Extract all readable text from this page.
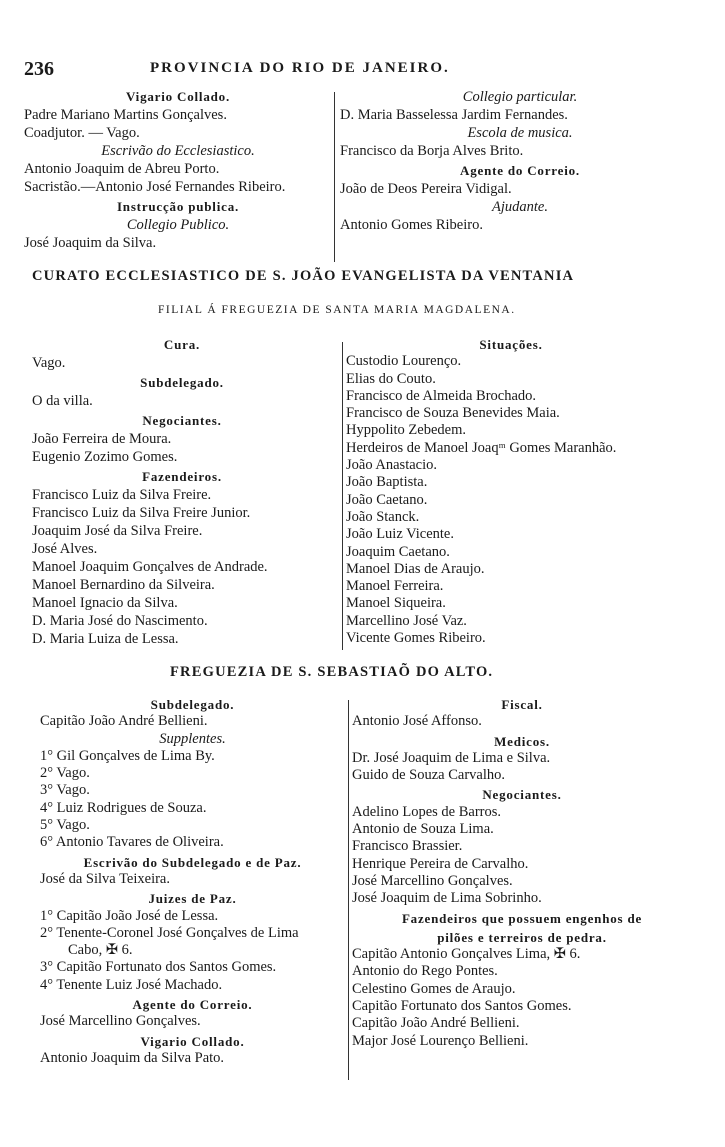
236	PROVINCIA DO RIO DE JANEIRO.
Vigario Collado.
Padre Mariano Martins Gonçalves.
Coadjutor. — Vago.
Escrivão do Ecclesiastico.
Antonio Joaquim de Abreu Porto.
Sacristão.—Antonio José Fernandes Ribeiro.
Instrucção publica.
Collegio Publico.
José Joaquim da Silva.
Collegio particular.
D. Maria Basselessa Jardim Fernandes.
Escola de musica.
Francisco da Borja Alves Brito.
Agente do Correio.
João de Deos Pereira Vidigal.
Ajudante.
Antonio Gomes Ribeiro.
CURATO ECCLESIASTICO DE S. JOÃO EVANGELISTA DA VENTANIA
FILIAL Á FREGUEZIA DE SANTA MARIA MAGDALENA.
Cura.
Vago.
Subdelegado.
O da villa.
Negociantes.
João Ferreira de Moura.
Eugenio Zozimo Gomes.
Fazendeiros.
Francisco Luiz da Silva Freire.
Francisco Luiz da Silva Freire Junior.
Joaquim José da Silva Freire.
José Alves.
Manoel Joaquim Gonçalves de Andrade.
Manoel Bernardino da Silveira.
Manoel Ignacio da Silva.
D. Maria José do Nascimento.
D. Maria Luiza de Lessa.
Situações.
Custodio Lourenço.
Elias do Couto.
Francisco de Almeida Brochado.
Francisco de Souza Benevides Maia.
Hyppolito Zebedem.
Herdeiros de Manoel Joaqᵐ Gomes Maranhão.
João Anastacio.
João Baptista.
João Caetano.
João Stanck.
João Luiz Vicente.
Joaquim Caetano.
Manoel Dias de Araujo.
Manoel Ferreira.
Manoel Siqueira.
Marcellino José Vaz.
Vicente Gomes Ribeiro.
FREGUEZIA DE S. SEBASTIAÕ DO ALTO.
Subdelegado.
Capitão João André Bellieni.
Supplentes.
1° Gil Gonçalves de Lima By.
2° Vago.
3° Vago.
4° Luiz Rodrigues de Souza.
5° Vago.
6° Antonio Tavares de Oliveira.
Escrivão do Subdelegado e de Paz.
José da Silva Teixeira.
Juizes de Paz.
1° Capitão João José de Lessa.
2° Tenente-Coronel José Gonçalves de Lima
Cabo, ✠ 6.
3° Capitão Fortunato dos Santos Gomes.
4° Tenente Luiz José Machado.
Agente do Correio.
José Marcellino Gonçalves.
Vigario Collado.
Antonio Joaquim da Silva Pato.
Fiscal.
Antonio José Affonso.
Medicos.
Dr. José Joaquim de Lima e Silva.
Guido de Souza Carvalho.
Negociantes.
Adelino Lopes de Barros.
Antonio de Souza Lima.
Francisco Brassier.
Henrique Pereira de Carvalho.
José Marcellino Gonçalves.
José Joaquim de Lima Sobrinho.
Fazendeiros que possuem engenhos de
pilões e terreiros de pedra.
Capitão Antonio Gonçalves Lima, ✠ 6.
Antonio do Rego Pontes.
Celestino Gomes de Araujo.
Capitão Fortunato dos Santos Gomes.
Capitão João André Bellieni.
Major José Lourenço Bellieni.
